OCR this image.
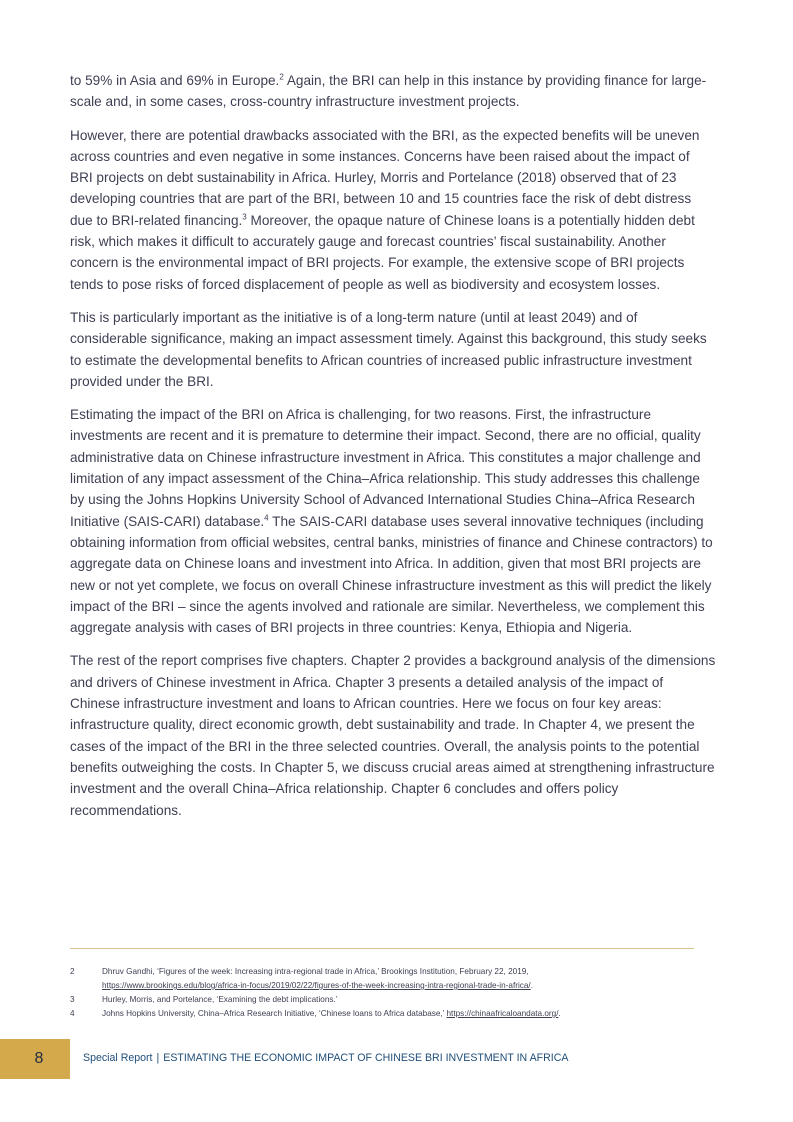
to 59% in Asia and 69% in Europe.$^2$ Again, the BRI can help in this instance by providing finance for large-scale and, in some cases, cross-country infrastructure investment projects.

However, there are potential drawbacks associated with the BRI, as the expected benefits will be uneven across countries and even negative in some instances. Concerns have been raised about the impact of BRI projects on debt sustainability in Africa. Hurley, Morris and Portelance (2018) observed that of 23 developing countries that are part of the BRI, between 10 and 15 countries face the risk of debt distress due to BRI-related financing.$^3$ Moreover, the opaque nature of Chinese loans is a potentially hidden debt risk, which makes it difficult to accurately gauge and forecast countries’ fiscal sustainability. Another concern is the environmental impact of BRI projects. For example, the extensive scope of BRI projects tends to pose risks of forced displacement of people as well as biodiversity and ecosystem losses.

This is particularly important as the initiative is of a long-term nature (until at least 2049) and of considerable significance, making an impact assessment timely. Against this background, this study seeks to estimate the developmental benefits to African countries of increased public infrastructure investment provided under the BRI.

Estimating the impact of the BRI on Africa is challenging, for two reasons. First, the infrastructure investments are recent and it is premature to determine their impact. Second, there are no official, quality administrative data on Chinese infrastructure investment in Africa. This constitutes a major challenge and limitation of any impact assessment of the China–Africa relationship. This study addresses this challenge by using the Johns Hopkins University School of Advanced International Studies China–Africa Research Initiative (SAIS-CARI) database.$^4$ The SAIS-CARI database uses several innovative techniques (including obtaining information from official websites, central banks, ministries of finance and Chinese contractors) to aggregate data on Chinese loans and investment into Africa. In addition, given that most BRI projects are new or not yet complete, we focus on overall Chinese infrastructure investment as this will predict the likely impact of the BRI – since the agents involved and rationale are similar. Nevertheless, we complement this aggregate analysis with cases of BRI projects in three countries: Kenya, Ethiopia and Nigeria.

The rest of the report comprises five chapters. Chapter 2 provides a background analysis of the dimensions and drivers of Chinese investment in Africa. Chapter 3 presents a detailed analysis of the impact of Chinese infrastructure investment and loans to African countries. Here we focus on four key areas: infrastructure quality, direct economic growth, debt sustainability and trade. In Chapter 4, we present the cases of the impact of the BRI in the three selected countries. Overall, the analysis points to the potential benefits outweighing the costs. In Chapter 5, we discuss crucial areas aimed at strengthening infrastructure investment and the overall China–Africa relationship. Chapter 6 concludes and offers policy recommendations.

2	Dhruv Gandhi, ‘Figures of the week: Increasing intra-regional trade in Africa,’ Brookings Institution, February 22, 2019,
https://www.brookings.edu/blog/africa-in-focus/2019/02/22/figures-of-the-week-increasing-intra-regional-trade-in-africa/.
3	Hurley, Morris, and Portelance, ‘Examining the debt implications.’
4	Johns Hopkins University, China–Africa Research Initiative, ‘Chinese loans to Africa database,’ https://chinaafricaloandata.org/.
8	Special Report | ESTIMATING THE ECONOMIC IMPACT OF CHINESE BRI INVESTMENT IN AFRICA
